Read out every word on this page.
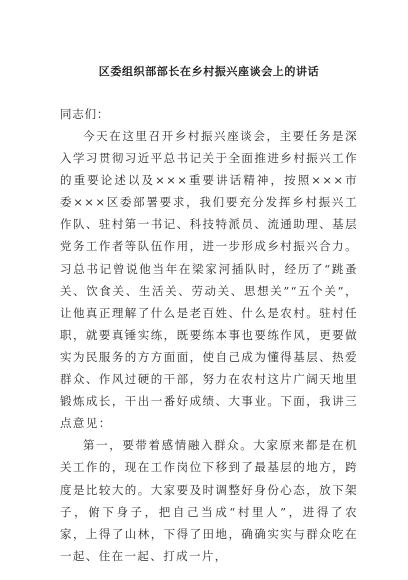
区委组织部部长在乡村振兴座谈会上的讲话
同志们：

今天在这里召开乡村振兴座谈会，主要任务是深入学习贯彻习近平总书记关于全面推进乡村振兴工作的重要论述以及×××重要讲话精神，按照×××市委×××区委部署要求，我们要充分发挥乡村振兴工作队、驻村第一书记、科技特派员、流通助理、基层党务工作者等队伍作用，进一步形成乡村振兴合力。习总书记曾说他当年在梁家河插队时，经历了“跳蚤关、饮食关、生活关、劳动关、思想关”“五个关”，让他真正理解了什么是老百姓、什么是农村。驻村任职，就要真锤实练，既要练本事也要练作风，更要做实为民服务的方方面面，使自己成为懂得基层、热爱群众、作风过硬的干部，努力在农村这片广阔天地里锻炼成长，干出一番好成绩、大事业。下面，我讲三点意见：

第一，要带着感情融入群众。大家原来都是在机关工作的，现在工作岗位下移到了最基层的地方，跨度是比较大的。大家要及时调整好身份心态，放下架子，俯下身子，把自己当成“村里人”，进得了农家，上得了山林，下得了田地，确确实实与群众吃在一起、住在一起、打成一片，
